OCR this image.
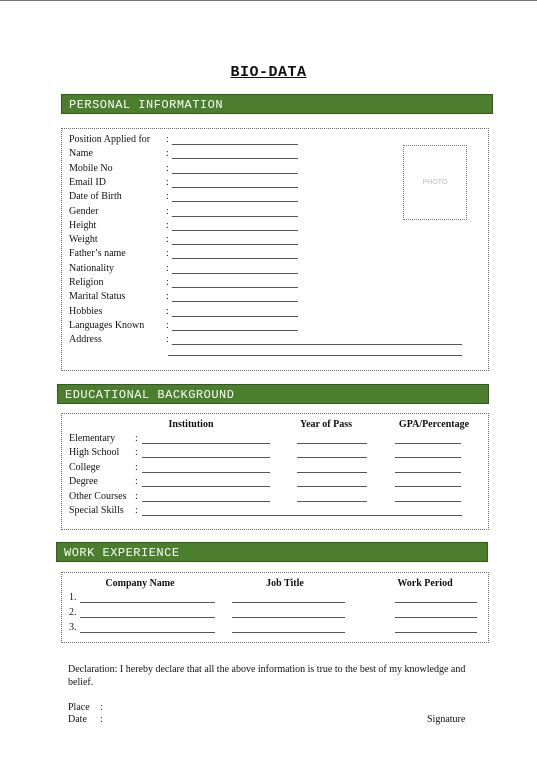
BIO-DATA
PERSONAL INFORMATION
Position Applied for :
Name	:
Mobile No	:
Email ID	:
Date of Birth	:
Gender	:
Height	:
Weight	:
Father’s name	:
Nationality	:
Religion	:
Marital Status	:
Hobbies	:
Languages Known :
Address	:
PHOTO
EDUCATIONAL BACKGROUND
Institution	Year of Pass	GPA/Percentage
Elementary :
High School :
College	:
Degree	:
Other Courses :
Special Skills :
WORK EXPERIENCE
Company Name	Job Title	Work Period
1.
2.
3.
Declaration: I hereby declare that all the above information is true to the best of my knowledge and belief.
Place :
Date :	Signature
